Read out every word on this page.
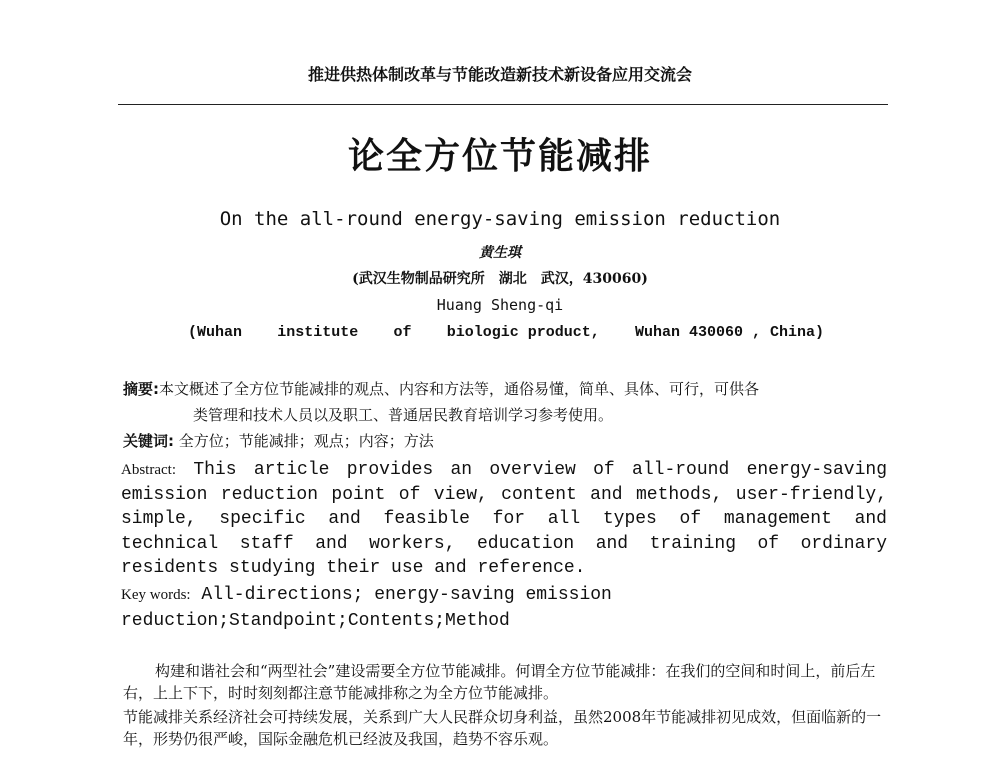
推进供热体制改革与节能改造新技术新设备应用交流会
论全方位节能减排
On the all-round energy-saving emission reduction
黄生琪
(武汉生物制品研究所　湖北　武汉，430060)
Huang Sheng-qi
(Wuhan institute of biologic product, Wuhan 430060 , China)
摘要:本文概述了全方位节能减排的观点、内容和方法等，通俗易懂，简单、具体、可行，可供各
类管理和技术人员以及职工、普通居民教育培训学习参考使用。
关键词: 全方位；节能减排；观点；内容；方法
Abstract: This article provides an overview of all-round energy-saving emission reduction point of view, content and methods, user-friendly, simple, specific and feasible for all types of management and technical staff and workers, education and training of ordinary residents studying their use and reference.
Key words: All-directions; energy-saving emission
reduction;Standpoint;Contents;Method
构建和谐社会和“两型社会”建设需要全方位节能减排。何谓全方位节能减排：在我们的空间和时间上，前后左右，上上下下，时时刻刻都注意节能减排称之为全方位节能减排。
节能减排关系经济社会可持续发展，关系到广大人民群众切身利益，虽然2008年节能减排初见成效，但面临新的一年，形势仍很严峻，国际金融危机已经波及我国，趋势不容乐观。
